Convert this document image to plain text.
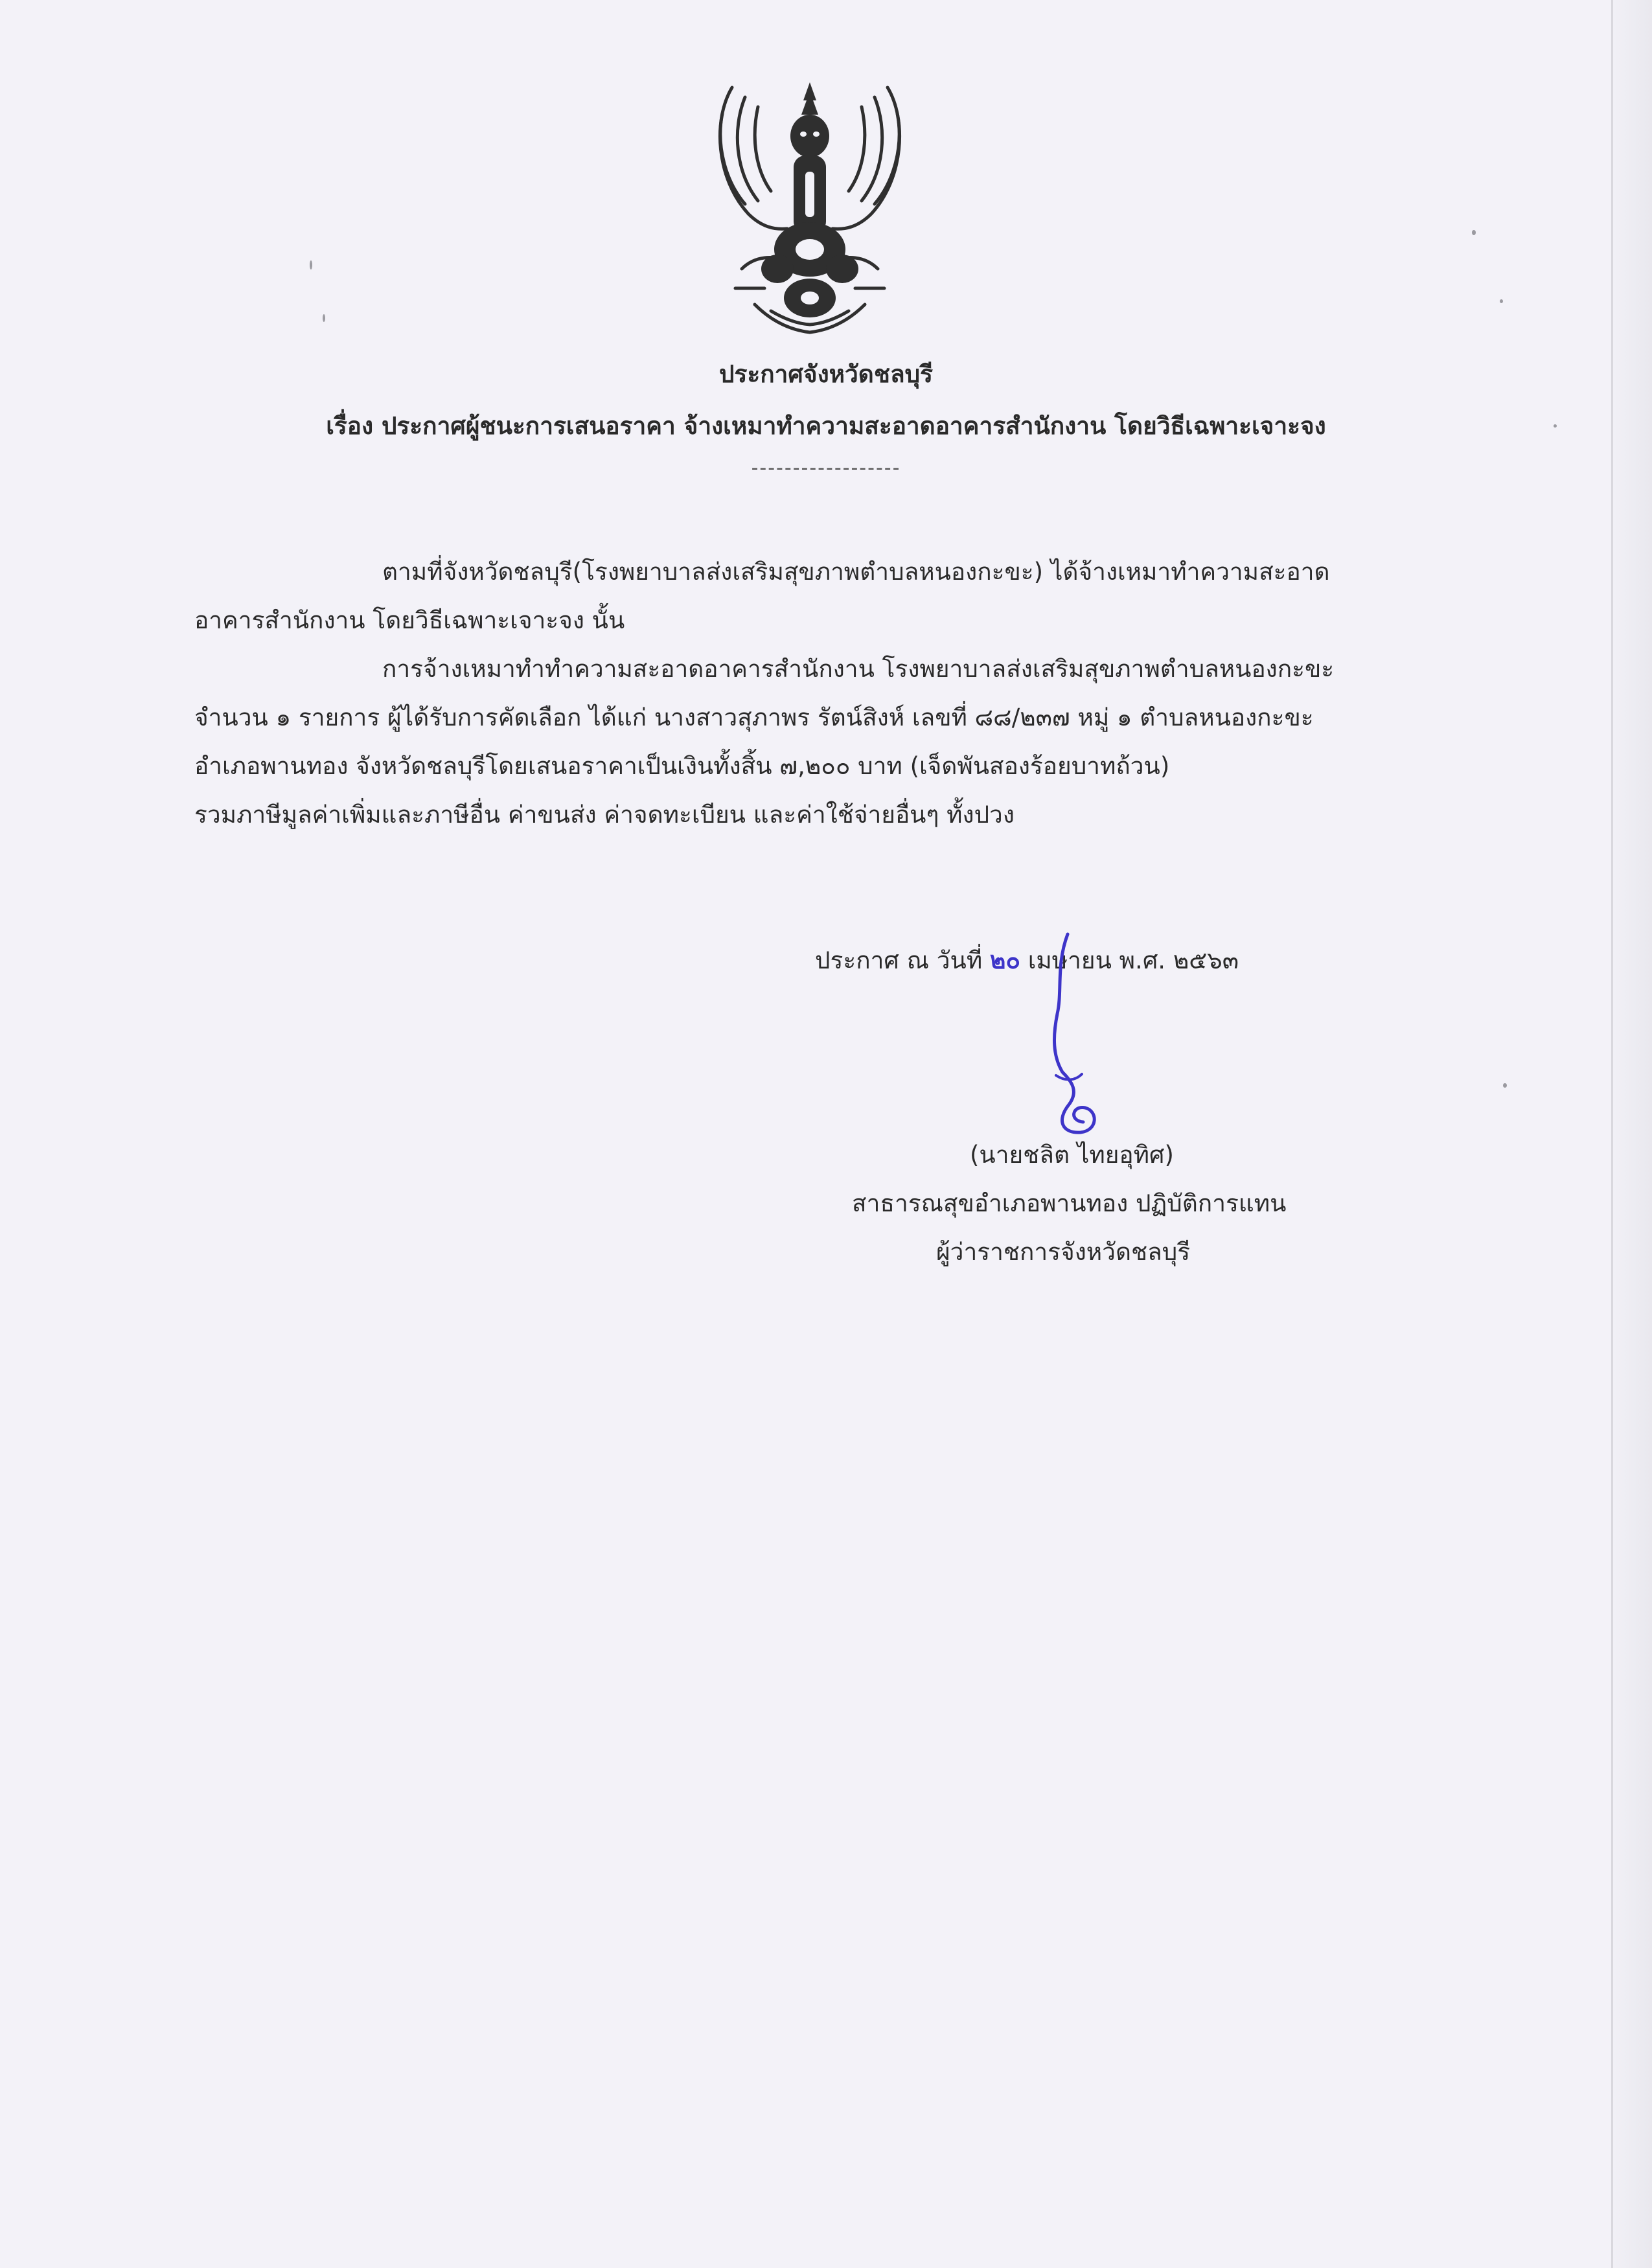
ประกาศจังหวัดชลบุรี
เรื่อง ประกาศผู้ชนะการเสนอราคา จ้างเหมาทำความสะอาดอาคารสำนักงาน โดยวิธีเฉพาะเจาะจง
------------------
ตามที่จังหวัดชลบุรี(โรงพยาบาลส่งเสริมสุขภาพตำบลหนองกะขะ) ได้จ้างเหมาทำความสะอาด
อาคารสำนักงาน โดยวิธีเฉพาะเจาะจง นั้น
การจ้างเหมาทำทำความสะอาดอาคารสำนักงาน โรงพยาบาลส่งเสริมสุขภาพตำบลหนองกะขะ
จำนวน ๑ รายการ ผู้ได้รับการคัดเลือก ได้แก่ นางสาวสุภาพร รัตน์สิงห์ เลขที่ ๘๘/๒๓๗ หมู่ ๑ ตำบลหนองกะขะ
อำเภอพานทอง จังหวัดชลบุรีโดยเสนอราคาเป็นเงินทั้งสิ้น ๗,๒๐๐ บาท (เจ็ดพันสองร้อยบาทถ้วน)
รวมภาษีมูลค่าเพิ่มและภาษีอื่น ค่าขนส่ง ค่าจดทะเบียน และค่าใช้จ่ายอื่นๆ ทั้งปวง
ประกาศ ณ วันที่ ๒๐ เมษายน พ.ศ. ๒๕๖๓
(นายชลิต ไทยอุทิศ)
สาธารณสุขอำเภอพานทอง ปฏิบัติการแทน
ผู้ว่าราชการจังหวัดชลบุรี
